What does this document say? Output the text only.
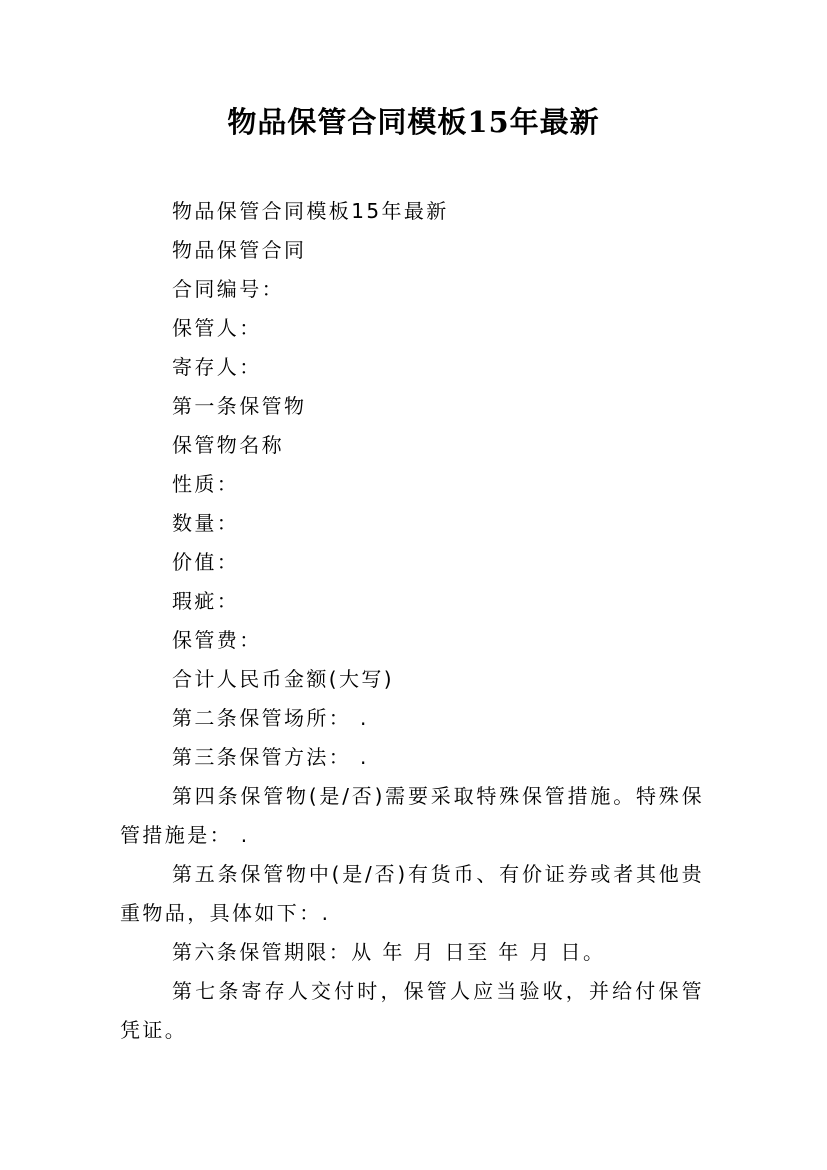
物品保管合同模板15年最新

物品保管合同模板15年最新

物品保管合同

合同编号：

保管人：

寄存人：

第一条保管物

保管物名称

性质：

数量：

价值：

瑕疵：

保管费：

合计人民币金额(大写)

第二条保管场所： .

第三条保管方法： .

第四条保管物(是/否)需要采取特殊保管措施。特殊保管措施是： .

第五条保管物中(是/否)有货币、有价证券或者其他贵重物品，具体如下：.

第六条保管期限：从 年 月 日至 年 月 日。

第七条寄存人交付时，保管人应当验收，并给付保管凭证。
